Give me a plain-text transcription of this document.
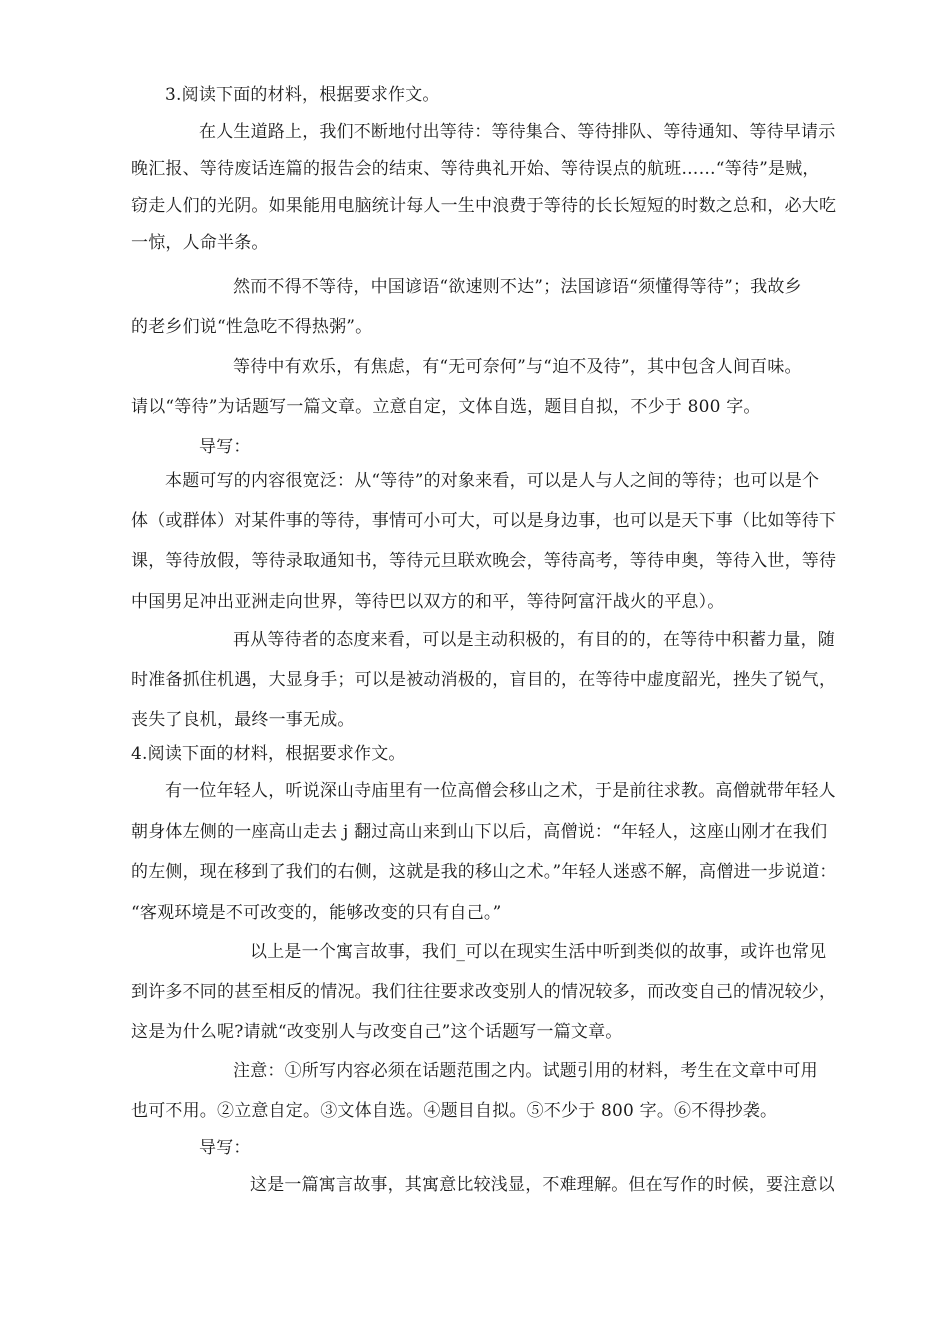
3.阅读下面的材料，根据要求作文。
在人生道路上，我们不断地付出等待：等待集合、等待排队、等待通知、等待早请示
晚汇报、等待废话连篇的报告会的结束、等待典礼开始、等待误点的航班……“等待”是贼，
窃走人们的光阴。如果能用电脑统计每人一生中浪费于等待的长长短短的时数之总和，必大吃
一惊，人命半条。
然而不得不等待，中国谚语“欲速则不达”；法国谚语“须懂得等待”；我故乡
的老乡们说“性急吃不得热粥”。
等待中有欢乐，有焦虑，有“无可奈何”与“迫不及待”，其中包含人间百味。
请以“等待”为话题写一篇文章。立意自定，文体自选，题目自拟，不少于 800 字。
导写：
本题可写的内容很宽泛：从“等待”的对象来看，可以是人与人之间的等待；也可以是个
体（或群体）对某件事的等待，事情可小可大，可以是身边事，也可以是天下事（比如等待下
课，等待放假，等待录取通知书，等待元旦联欢晚会，等待高考，等待申奥，等待入世，等待
中国男足冲出亚洲走向世界，等待巴以双方的和平，等待阿富汗战火的平息）。
再从等待者的态度来看，可以是主动积极的，有目的的，在等待中积蓄力量，随
时准备抓住机遇，大显身手；可以是被动消极的，盲目的，在等待中虚度韶光，挫失了锐气，
丧失了良机，最终一事无成。
4.阅读下面的材料，根据要求作文。
有一位年轻人，听说深山寺庙里有一位高僧会移山之术，于是前往求教。高僧就带年轻人
朝身体左侧的一座高山走去 j 翻过高山来到山下以后，高僧说：“年轻人，这座山刚才在我们
的左侧，现在移到了我们的右侧，这就是我的移山之术。”年轻人迷惑不解，高僧进一步说道：
“客观环境是不可改变的，能够改变的只有自己。”
以上是一个寓言故事，我们_可以在现实生活中听到类似的故事，或许也常见
到许多不同的甚至相反的情况。我们往往要求改变别人的情况较多，而改变自己的情况较少，
这是为什么呢?请就“改变别人与改变自己”这个话题写一篇文章。
注意：①所写内容必须在话题范围之内。试题引用的材料，考生在文章中可用
也可不用。②立意自定。③文体自选。④题目自拟。⑤不少于 800 字。⑥不得抄袭。
导写：
这是一篇寓言故事，其寓意比较浅显，不难理解。但在写作的时候，要注意以
